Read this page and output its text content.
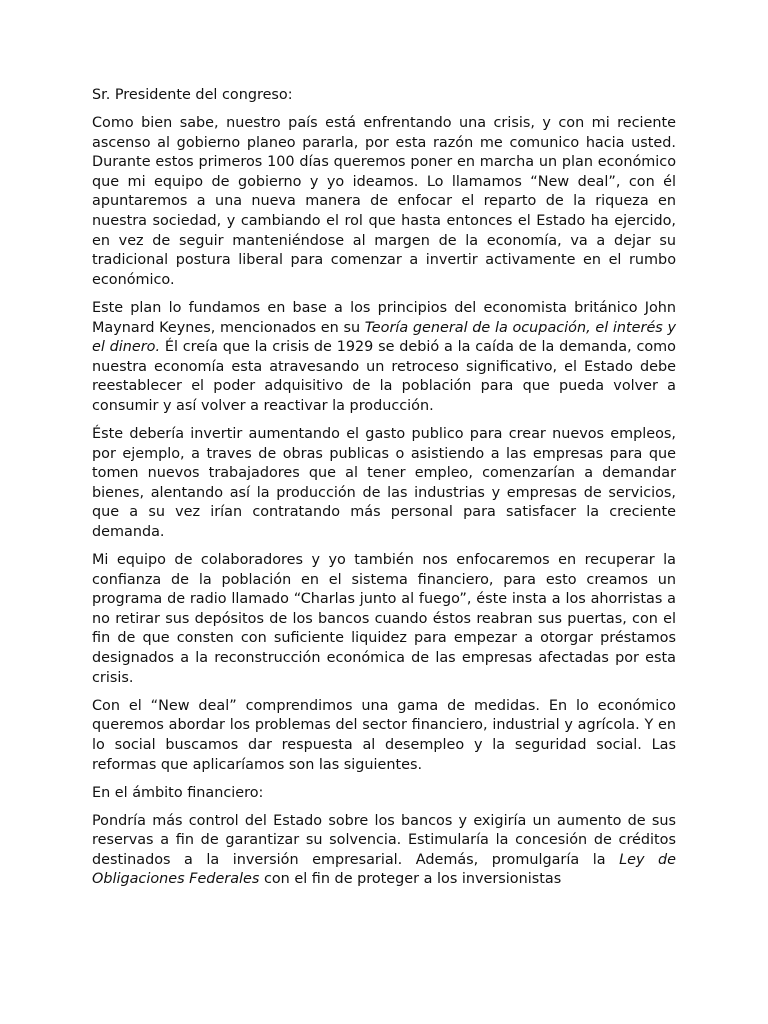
Sr. Presidente del congreso:

Como bien sabe, nuestro país está enfrentando una crisis, y con mi reciente ascenso al gobierno planeo pararla, por esta razón me comunico hacia usted. Durante estos primeros 100 días queremos poner en marcha un plan económico que mi equipo de gobierno y yo ideamos. Lo llamamos “New deal”, con él apuntaremos a una nueva manera de enfocar el reparto de la riqueza en nuestra sociedad, y cambiando el rol que hasta entonces el Estado ha ejercido, en vez de seguir manteniéndose al margen de la economía, va a dejar su tradicional postura liberal para comenzar a invertir activamente en el rumbo económico.

Este plan lo fundamos en base a los principios del economista británico John Maynard Keynes, mencionados en su Teoría general de la ocupación, el interés y el dinero. Él creía que la crisis de 1929 se debió a la caída de la demanda, como nuestra economía esta atravesando un retroceso significativo, el Estado debe reestablecer el poder adquisitivo de la población para que pueda volver a consumir y así volver a reactivar la producción.

Éste debería invertir aumentando el gasto publico para crear nuevos empleos, por ejemplo, a traves de obras publicas o asistiendo a las empresas para que tomen nuevos trabajadores que al tener empleo, comenzarían a demandar bienes, alentando así la producción de las industrias y empresas de servicios, que a su vez irían contratando más personal para satisfacer la creciente demanda.

Mi equipo de colaboradores y yo también nos enfocaremos en recuperar la confianza de la población en el sistema financiero, para esto creamos un programa de radio llamado “Charlas junto al fuego”, éste insta a los ahorristas a no retirar sus depósitos de los bancos cuando éstos reabran sus puertas, con el fin de que consten con suficiente liquidez para empezar a otorgar préstamos designados a la reconstrucción económica de las empresas afectadas por esta crisis.

Con el “New deal” comprendimos una gama de medidas. En lo económico queremos abordar los problemas del sector financiero, industrial y agrícola. Y en lo social buscamos dar respuesta al desempleo y la seguridad social. Las reformas que aplicaríamos son las siguientes.

En el ámbito financiero:

Pondría más control del Estado sobre los bancos y exigiría un aumento de sus reservas a fin de garantizar su solvencia. Estimularía la concesión de créditos destinados a la inversión empresarial. Además, promulgaría la Ley de Obligaciones Federales con el fin de proteger a los inversionistas
